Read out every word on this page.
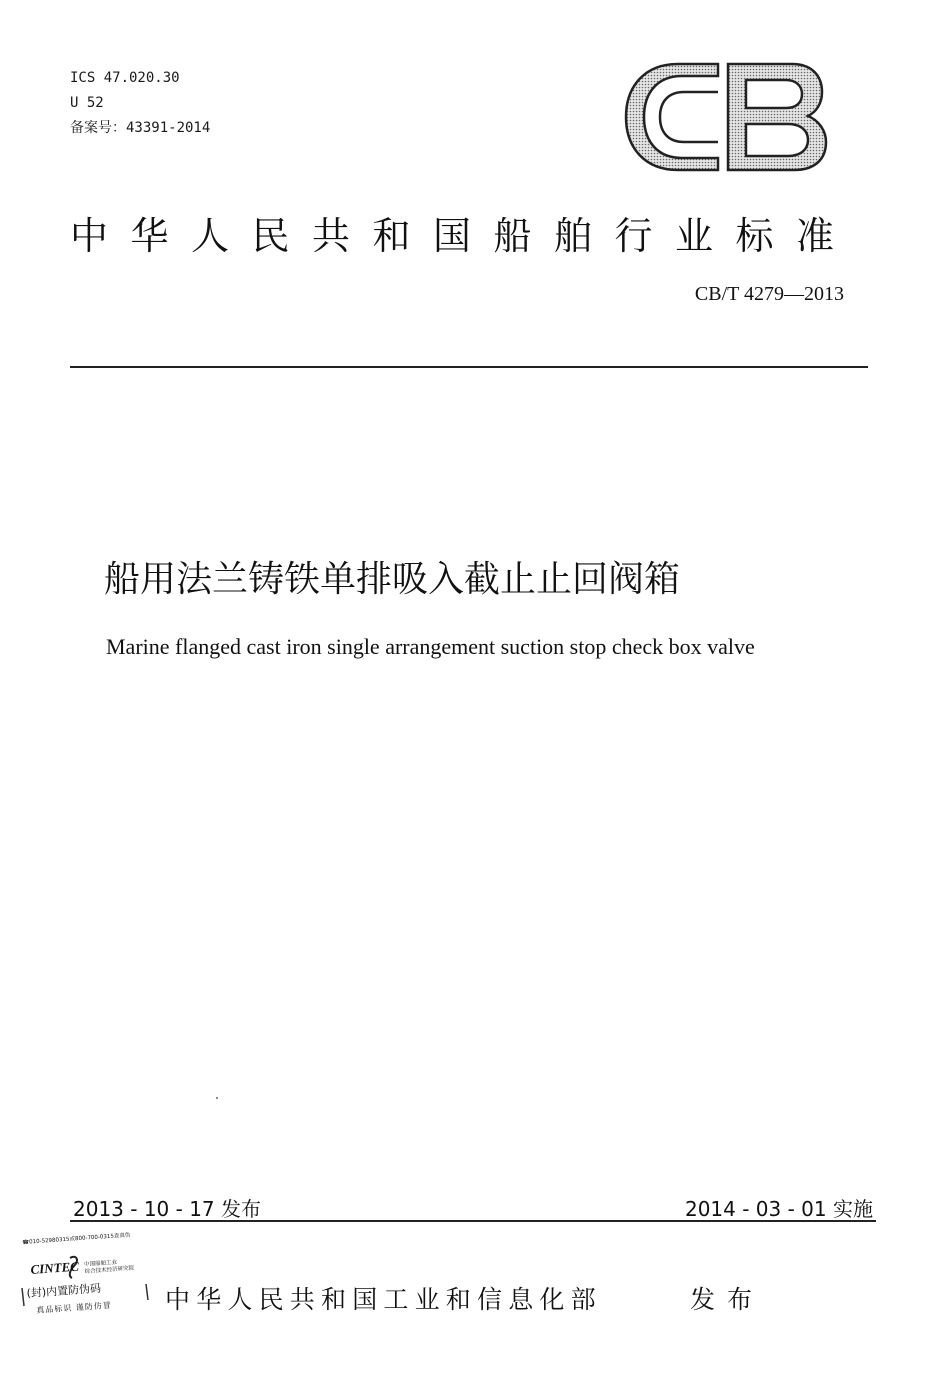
ICS 47.020.30
U 52
备案号：43391-2014
中华人民共和国船舶行业标准
CB/T 4279—2013
船用法兰铸铁单排吸入截止止回阀箱
Marine flanged cast iron single arrangement suction stop check box valve
2013 - 10 - 17 发布	2014 - 03 - 01 实施
中华人民共和国工业和信息化部	发布
☎010-52980315或800-700-0315查真伪
CINTEC 中国船舶工业
综合技术经济研究院
(封)内置防伪码
真品标识 谨防仿冒
